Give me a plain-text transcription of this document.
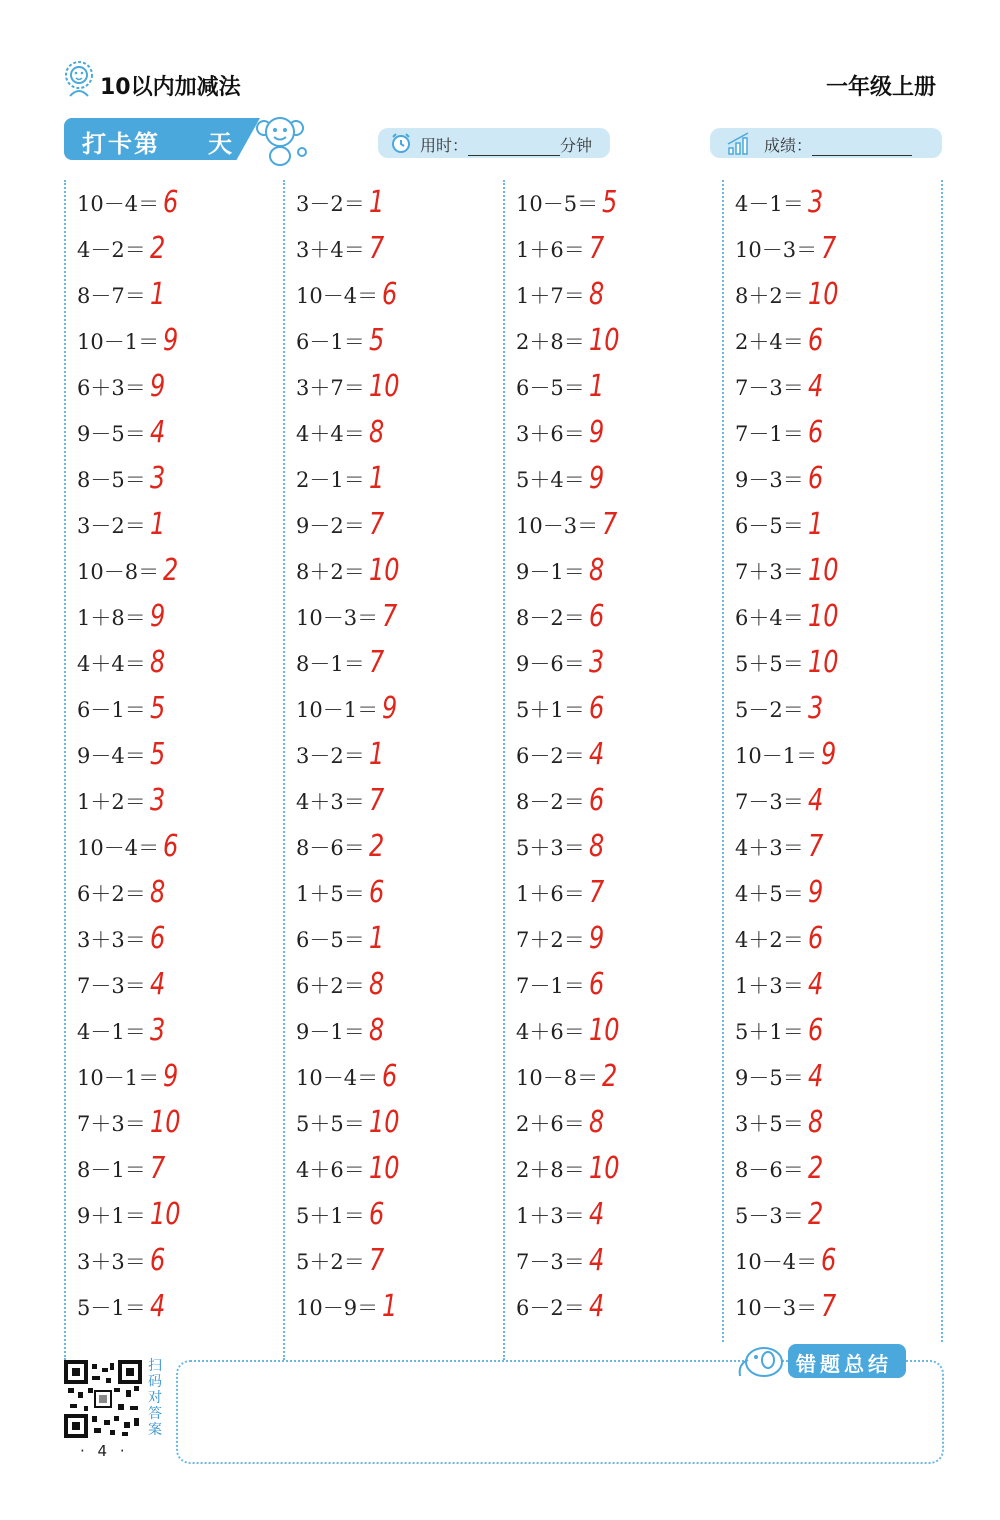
10以内加减法	一年级上册
打卡第 天	用时：	分钟	成绩：
10－4＝ 6
4－2＝ 2
8－7＝ 1
10－1＝ 9
6＋3＝ 9
9－5＝ 4
8－5＝ 3
3－2＝ 1
10－8＝ 2
1＋8＝ 9
4＋4＝ 8
6－1＝ 5
9－4＝ 5
1＋2＝ 3
10－4＝ 6
6＋2＝ 8
3＋3＝ 6
7－3＝ 4
4－1＝ 3
10－1＝ 9
7＋3＝ 10
8－1＝ 7
9＋1＝ 10
3＋3＝ 6
5－1＝ 4
3－2＝ 1
3＋4＝ 7
10－4＝ 6
6－1＝ 5
3＋7＝ 10
4＋4＝ 8
2－1＝ 1
9－2＝ 7
8＋2＝ 10
10－3＝ 7
8－1＝ 7
10－1＝ 9
3－2＝ 1
4＋3＝ 7
8－6＝ 2
1＋5＝ 6
6－5＝ 1
6＋2＝ 8
9－1＝ 8
10－4＝ 6
5＋5＝ 10
4＋6＝ 10
5＋1＝ 6
5＋2＝ 7
10－9＝ 1
10－5＝ 5
1＋6＝ 7
1＋7＝ 8
2＋8＝ 10
6－5＝ 1
3＋6＝ 9
5＋4＝ 9
10－3＝ 7
9－1＝ 8
8－2＝ 6
9－6＝ 3
5＋1＝ 6
6－2＝ 4
8－2＝ 6
5＋3＝ 8
1＋6＝ 7
7＋2＝ 9
7－1＝ 6
4＋6＝ 10
10－8＝ 2
2＋6＝ 8
2＋8＝ 10
1＋3＝ 4
7－3＝ 4
6－2＝ 4
4－1＝ 3
10－3＝ 7
8＋2＝ 10
2＋4＝ 6
7－3＝ 4
7－1＝ 6
9－3＝ 6
6－5＝ 1
7＋3＝ 10
6＋4＝ 10
5＋5＝ 10
5－2＝ 3
10－1＝ 9
7－3＝ 4
4＋3＝ 7
4＋5＝ 9
4＋2＝ 6
1＋3＝ 4
5＋1＝ 6
9－5＝ 4
3＋5＝ 8
8－6＝ 2
5－3＝ 2
10－4＝ 6
10－3＝ 7
扫码对答案
· 4 ·
错题总结
